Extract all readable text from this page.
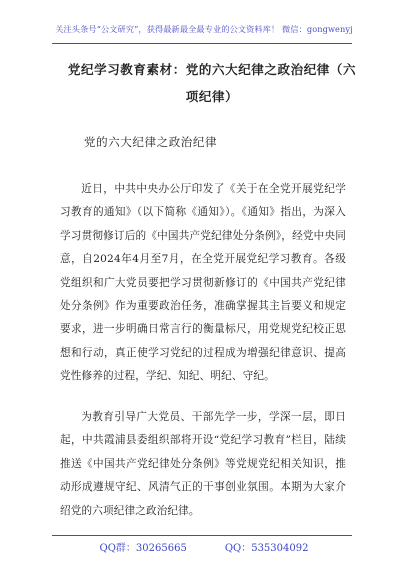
关注头条号“公文研究”，获得最新最全最专业的公文资料库！ 微信：gongwenyj
党纪学习教育素材：党的六大纪律之政治纪律（六项纪律）
党的六大纪律之政治纪律

近日，中共中央办公厅印发了《关于在全党开展党纪学习教育的通知》（以下简称《通知》）。《通知》指出，为深入学习贯彻修订后的《中国共产党纪律处分条例》，经党中央同意，自2024年4月至7月，在全党开展党纪学习教育。各级党组织和广大党员要把学习贯彻新修订的《中国共产党纪律处分条例》作为重要政治任务，准确掌握其主旨要义和规定要求，进一步明确日常言行的衡量标尺，用党规党纪校正思想和行动，真正使学习党纪的过程成为增强纪律意识、提高党性修养的过程，学纪、知纪、明纪、守纪。

为教育引导广大党员、干部先学一步，学深一层，即日起，中共霞浦县委组织部将开设“党纪学习教育”栏目，陆续推送《中国共产党纪律处分条例》等党规党纪相关知识，推动形成遵规守纪、风清气正的干事创业氛围。本期为大家介绍党的六项纪律之政治纪律。

QQ群：30265665	QQ：535304092
